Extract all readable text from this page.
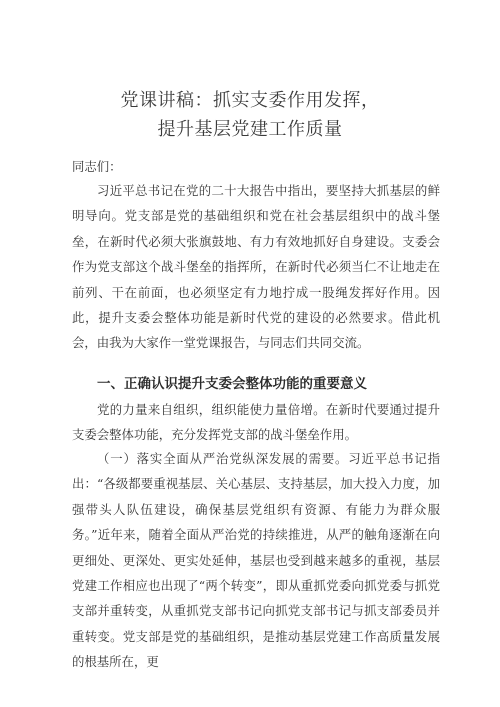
党课讲稿：抓实支委作用发挥，
提升基层党建工作质量
同志们：
习近平总书记在党的二十大报告中指出，要坚持大抓基层的鲜明导向。党支部是党的基础组织和党在社会基层组织中的战斗堡垒，在新时代必须大张旗鼓地、有力有效地抓好自身建设。支委会作为党支部这个战斗堡垒的指挥所，在新时代必须当仁不让地走在前列、干在前面，也必须坚定有力地拧成一股绳发挥好作用。因此，提升支委会整体功能是新时代党的建设的必然要求。借此机会，由我为大家作一堂党课报告，与同志们共同交流。
一、正确认识提升支委会整体功能的重要意义
党的力量来自组织，组织能使力量倍增。在新时代要通过提升支委会整体功能，充分发挥党支部的战斗堡垒作用。
（一）落实全面从严治党纵深发展的需要。习近平总书记指出：“各级都要重视基层、关心基层、支持基层，加大投入力度，加强带头人队伍建设，确保基层党组织有资源、有能力为群众服务。”近年来，随着全面从严治党的持续推进，从严的触角逐渐在向更细处、更深处、更实处延伸，基层也受到越来越多的重视，基层党建工作相应也出现了“两个转变”，即从重抓党委向抓党委与抓党支部并重转变，从重抓党支部书记向抓党支部书记与抓支部委员并重转变。党支部是党的基础组织，是推动基层党建工作高质量发展的根基所在，更
